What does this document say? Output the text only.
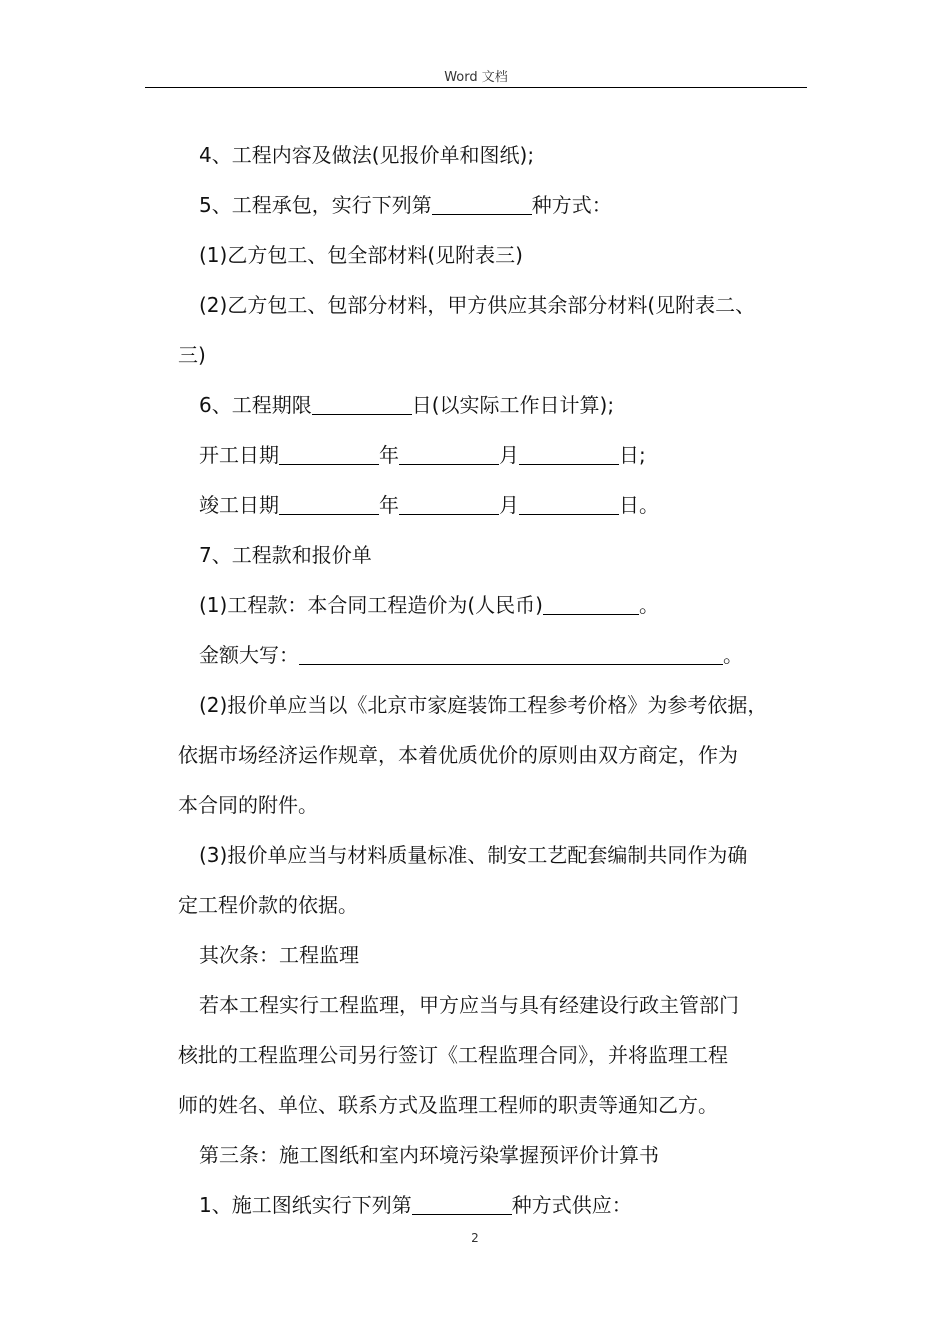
Word 文档

4、工程内容及做法(见报价单和图纸);

5、工程承包，实行下列第	种方式：

(1)乙方包工、包全部材料(见附表三)

(2)乙方包工、包部分材料，甲方供应其余部分材料(见附表二、

三)

6、工程期限	日(以实际工作日计算);

开工日期	年	月	日;

竣工日期	年	月	日。

7、工程款和报价单

(1)工程款：本合同工程造价为(人民币)	。

金额大写：	。

(2)报价单应当以《北京市家庭装饰工程参考价格》为参考依据，

依据市场经济运作规章，本着优质优价的原则由双方商定，作为

本合同的附件。

(3)报价单应当与材料质量标准、制安工艺配套编制共同作为确

定工程价款的依据。

其次条：工程监理

若本工程实行工程监理，甲方应当与具有经建设行政主管部门

核批的工程监理公司另行签订《工程监理合同》，并将监理工程

师的姓名、单位、联系方式及监理工程师的职责等通知乙方。

第三条：施工图纸和室内环境污染掌握预评价计算书

1、施工图纸实行下列第	种方式供应：

2
